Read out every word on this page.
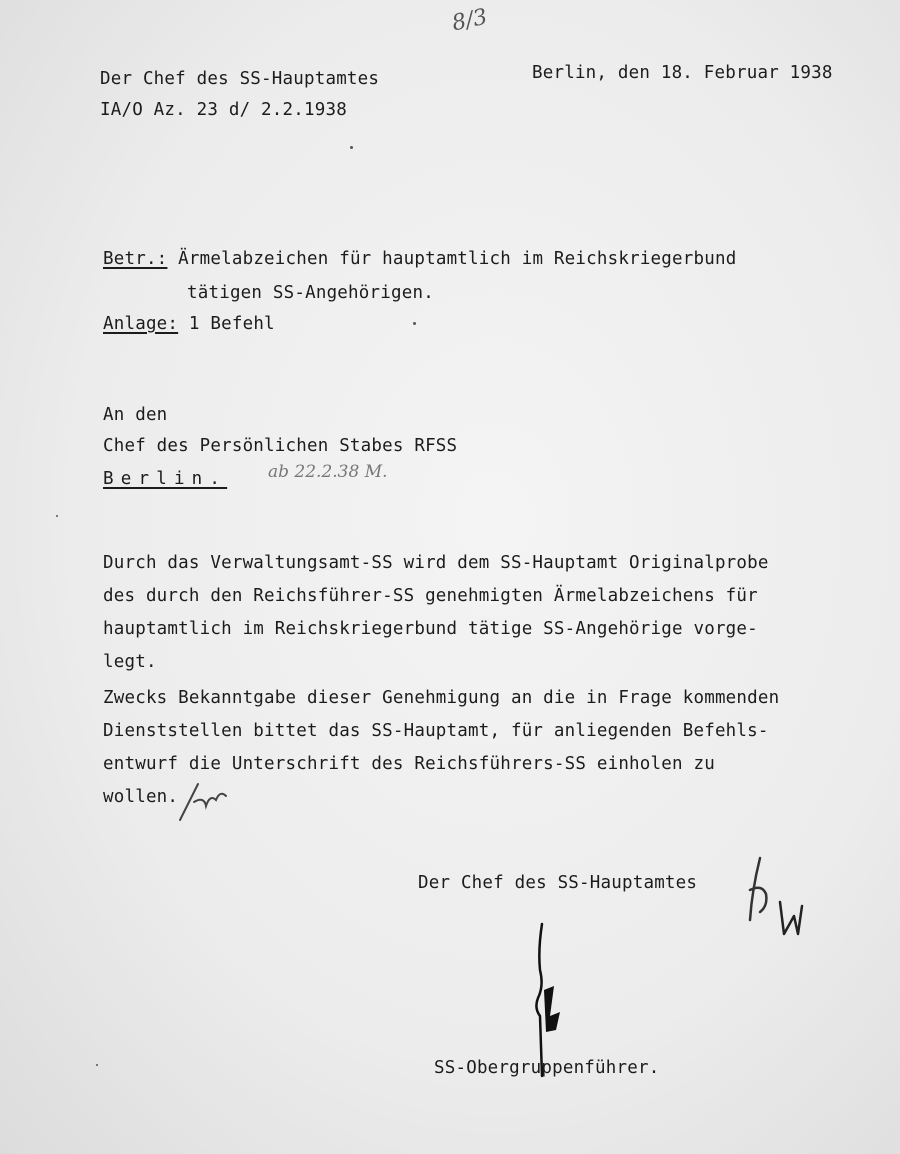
8/3
Der Chef des SS-Hauptamtes
IA/O Az. 23 d/ 2.2.1938
Berlin, den 18. Februar 1938
Betr.: Ärmelabzeichen für hauptamtlich im Reichskriegerbund
tätigen SS-Angehörigen.
Anlage: 1 Befehl
An den
Chef des Persönlichen Stabes RFSS
Berlin. ab 22.2.38 M.
Durch das Verwaltungsamt-SS wird dem SS-Hauptamt Originalprobe
des durch den Reichsführer-SS genehmigten Ärmelabzeichens für
hauptamtlich im Reichskriegerbund tätige SS-Angehörige vorge-
legt.
Zwecks Bekanntgabe dieser Genehmigung an die in Frage kommenden
Dienststellen bittet das SS-Hauptamt, für anliegenden Befehls-
entwurf die Unterschrift des Reichsführers-SS einholen zu
wollen.
Der Chef des SS-Hauptamtes
SS-Obergruppenführer.
